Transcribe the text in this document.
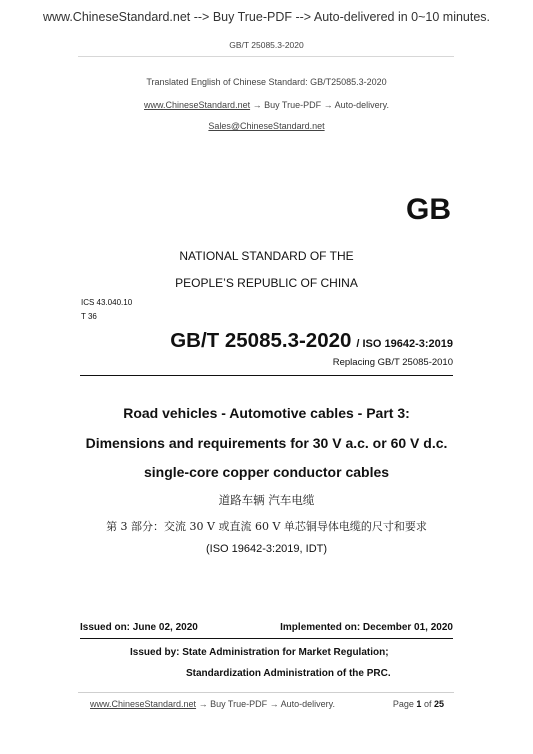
www.ChineseStandard.net --> Buy True-PDF --> Auto-delivered in 0~10 minutes.
GB/T 25085.3-2020
Translated English of Chinese Standard: GB/T25085.3-2020
www.ChineseStandard.net → Buy True-PDF → Auto-delivery.
Sales@ChineseStandard.net
GB
NATIONAL STANDARD OF THE
PEOPLE’S REPUBLIC OF CHINA
ICS 43.040.10
T 36
GB/T 25085.3-2020 / ISO 19642-3:2019
Replacing GB/T 25085-2010
Road vehicles - Automotive cables - Part 3:
Dimensions and requirements for 30 V a.c. or 60 V d.c.
single-core copper conductor cables
道路车辆 汽车电缆
第 3 部分：交流 30 V 或直流 60 V 单芯铜导体电缆的尺寸和要求
(ISO 19642-3:2019, IDT)
Issued on: June 02, 2020	Implemented on: December 01, 2020
Issued by: State Administration for Market Regulation;
Standardization Administration of the PRC.
www.ChineseStandard.net → Buy True-PDF → Auto-delivery.	Page 1 of 25
